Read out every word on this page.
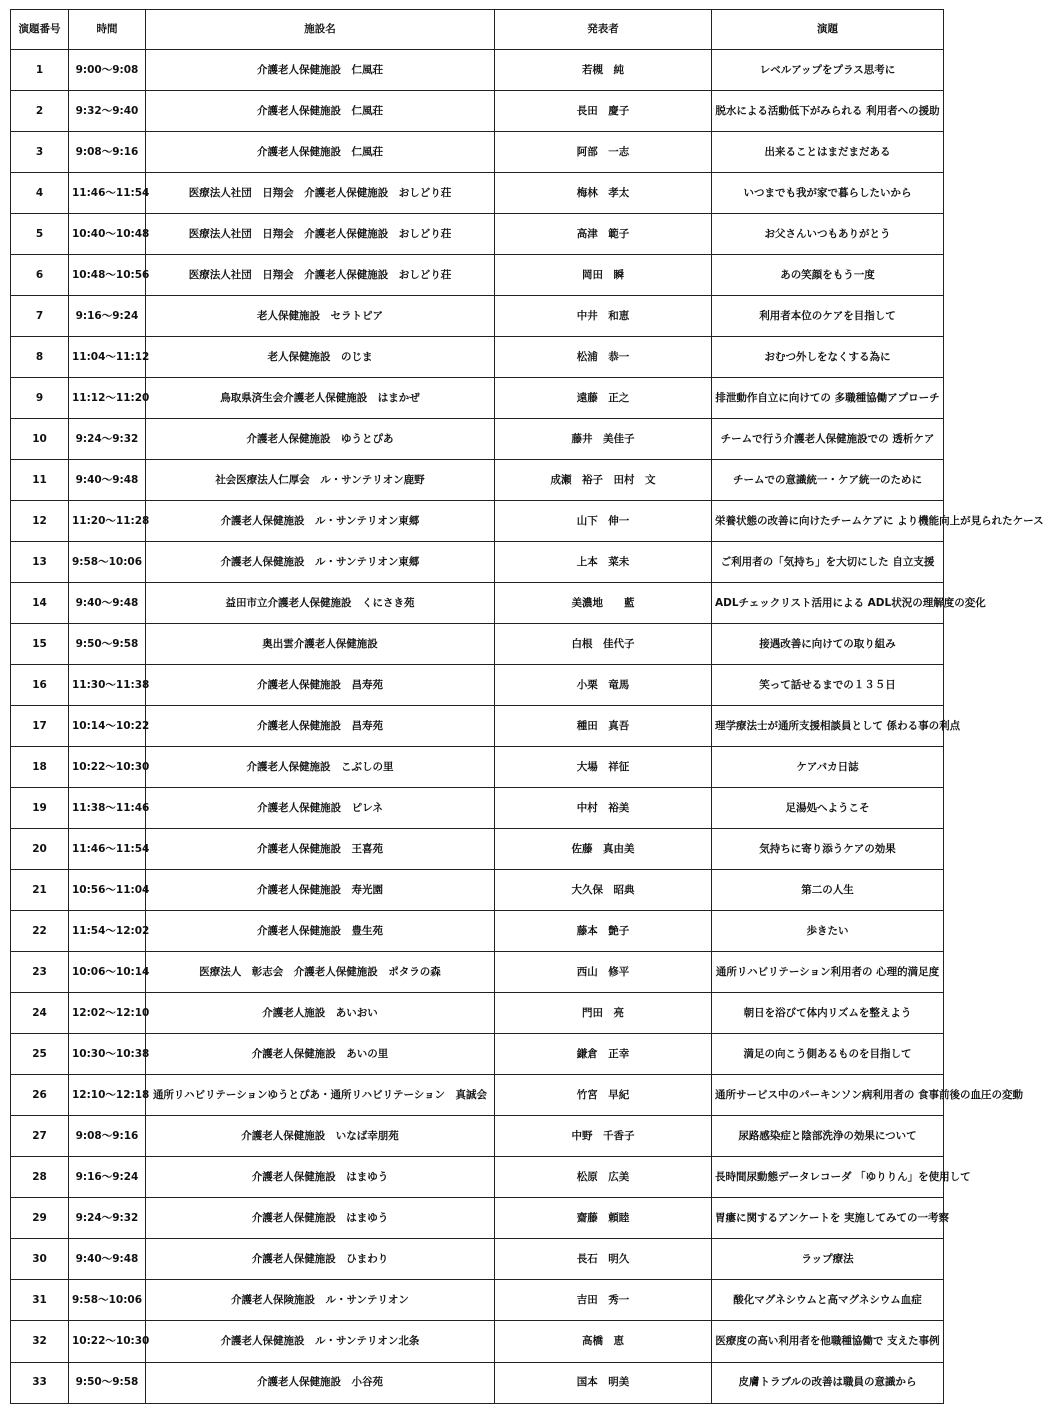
演題番号	時間	施設名	発表者	演題
1	9:00～9:08	介護老人保健施設　仁風荘	若槻　純	レベルアップをプラス思考に
2	9:32～9:40	介護老人保健施設　仁風荘	長田　慶子	脱水による活動低下がみられる 利用者への援助
3	9:08～9:16	介護老人保健施設　仁風荘	阿部　一志	出来ることはまだまだある
4	11:46～11:54	医療法人社団　日翔会　介護老人保健施設　おしどり荘	梅林　孝太	いつまでも我が家で暮らしたいから
5	10:40～10:48	医療法人社団　日翔会　介護老人保健施設　おしどり荘	高津　範子	お父さんいつもありがとう
6	10:48～10:56	医療法人社団　日翔会　介護老人保健施設　おしどり荘	岡田　瞬	あの笑顔をもう一度
7	9:16～9:24	老人保健施設　セラトピア	中井　和恵	利用者本位のケアを目指して
8	11:04～11:12	老人保健施設　のじま	松浦　恭一	おむつ外しをなくする為に
9	11:12～11:20	鳥取県済生会介護老人保健施設　はまかぜ	遠藤　正之	排泄動作自立に向けての 多職種協働アプローチ
10	9:24～9:32	介護老人保健施設　ゆうとぴあ	藤井　美佳子	チームで行う介護老人保健施設での 透析ケア
11	9:40～9:48	社会医療法人仁厚会　ル・サンテリオン鹿野	成瀬　裕子　田村　文	チームでの意識統一・ケア統一のために
12	11:20～11:28	介護老人保健施設　ル・サンテリオン東郷	山下　伸一	栄養状態の改善に向けたチームケアに より機能向上が見られたケース
13	9:58～10:06	介護老人保健施設　ル・サンテリオン東郷	上本　菜未	ご利用者の「気持ち」を大切にした 自立支援
14	9:40～9:48	益田市立介護老人保健施設　くにさき苑	美濃地　　藍	ADLチェックリスト活用による ADL状況の理解度の変化
15	9:50～9:58	奥出雲介護老人保健施設	白根　佳代子	接遇改善に向けての取り組み
16	11:30～11:38	介護老人保健施設　昌寿苑	小栗　竜馬	笑って話せるまでの１３５日
17	10:14～10:22	介護老人保健施設　昌寿苑	種田　真吾	理学療法士が通所支援相談員として 係わる事の利点
18	10:22～10:30	介護老人保健施設　こぶしの里	大場　祥征	ケアバカ日誌
19	11:38～11:46	介護老人保健施設　ピレネ	中村　裕美	足湯処へようこそ
20	11:46～11:54	介護老人保健施設　王喜苑	佐藤　真由美	気持ちに寄り添うケアの効果
21	10:56～11:04	介護老人保健施設　寿光園	大久保　昭典	第二の人生
22	11:54～12:02	介護老人保健施設　豊生苑	藤本　艶子	歩きたい
23	10:06～10:14	医療法人　彰志会　介護老人保健施設　ポタラの森	西山　修平	通所リハビリテーション利用者の 心理的満足度
24	12:02～12:10	介護老人施設　あいおい	門田　亮	朝日を浴びて体内リズムを整えよう
25	10:30～10:38	介護老人保健施設　あいの里	鎌倉　正幸	満足の向こう側あるものを目指して
26	12:10～12:18	通所リハビリテーションゆうとぴあ・通所リハビリテーション　真誠会	竹宮　早紀	通所サービス中のパーキンソン病利用者の 食事前後の血圧の変動
27	9:08～9:16	介護老人保健施設　いなば幸朋苑	中野　千香子	尿路感染症と陰部洗浄の効果について
28	9:16～9:24	介護老人保健施設　はまゆう	松原　広美	長時間尿動態データレコーダ 「ゆりりん」を使用して
29	9:24～9:32	介護老人保健施設　はまゆう	齋藤　頼睦	胃瘻に関するアンケートを 実施してみての一考察
30	9:40～9:48	介護老人保健施設　ひまわり	長石　明久	ラップ療法
31	9:58～10:06	介護老人保険施設　ル・サンテリオン	吉田　秀一	酸化マグネシウムと高マグネシウム血症
32	10:22～10:30	介護老人保健施設　ル・サンテリオン北条	高橋　恵	医療度の高い利用者を他職種協働で 支えた事例
33	9:50～9:58	介護老人保健施設　小谷苑	国本　明美	皮膚トラブルの改善は職員の意識から
